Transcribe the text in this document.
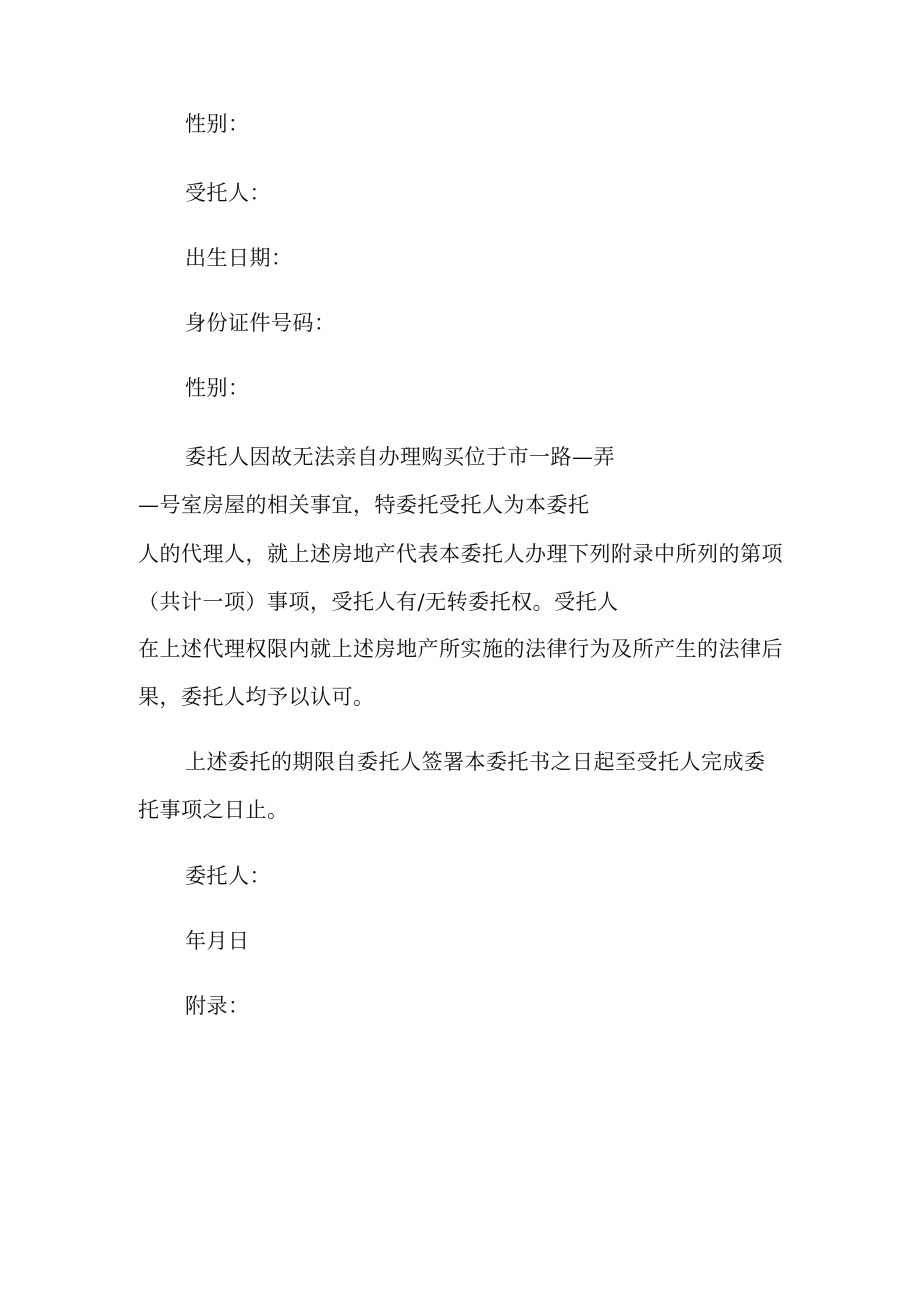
性别：
受托人：
出生日期：
身份证件号码：
性别：
委托人因故无法亲自办理购买位于市一路—弄
—号室房屋的相关事宜，特委托受托人为本委托
人的代理人，就上述房地产代表本委托人办理下列附录中所列的第项
（共计一项）事项，受托人有/无转委托权。受托人
在上述代理权限内就上述房地产所实施的法律行为及所产生的法律后
果，委托人均予以认可。
上述委托的期限自委托人签署本委托书之日起至受托人完成委
托事项之日止。
委托人：
年月日
附录：
